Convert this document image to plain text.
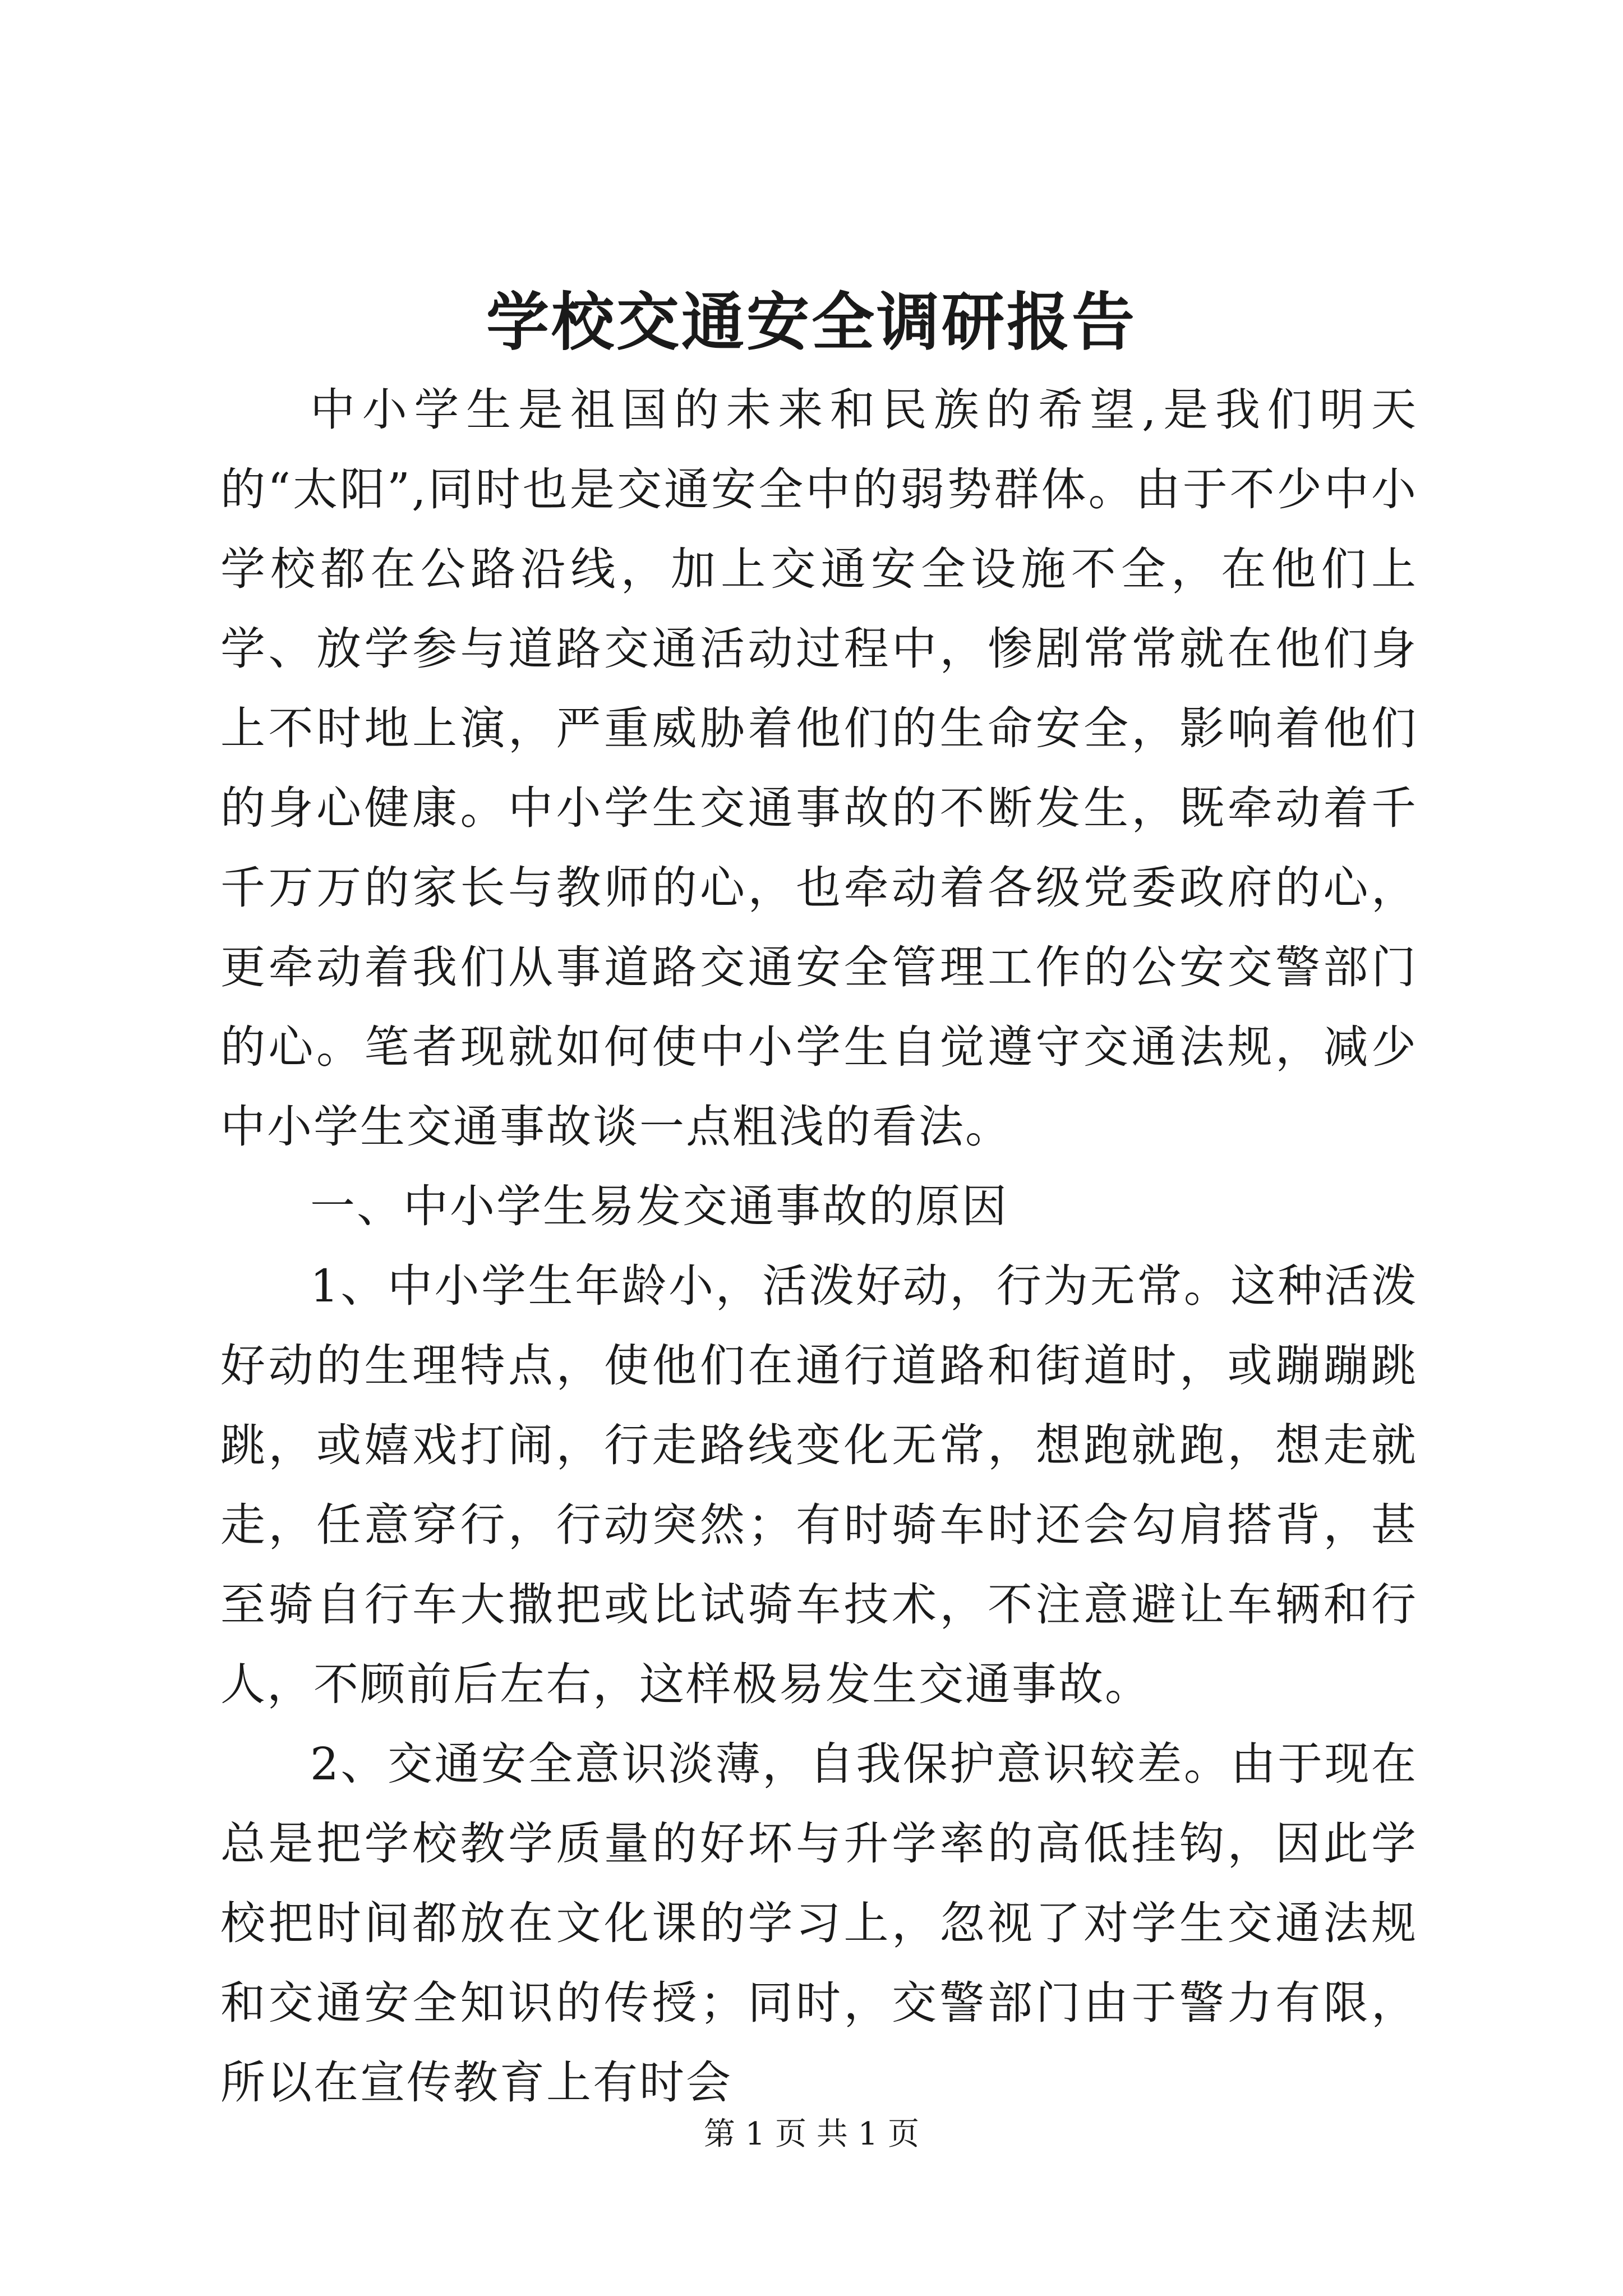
学校交通安全调研报告

中小学生是祖国的未来和民族的希望,是我们明天的“太阳”,同时也是交通安全中的弱势群体。由于不少中小学校都在公路沿线，加上交通安全设施不全，在他们上学、放学参与道路交通活动过程中，惨剧常常就在他们身上不时地上演，严重威胁着他们的生命安全，影响着他们的身心健康。中小学生交通事故的不断发生，既牵动着千千万万的家长与教师的心，也牵动着各级党委政府的心，更牵动着我们从事道路交通安全管理工作的公安交警部门的心。笔者现就如何使中小学生自觉遵守交通法规，减少中小学生交通事故谈一点粗浅的看法。

一、中小学生易发交通事故的原因

1、中小学生年龄小，活泼好动，行为无常。这种活泼好动的生理特点，使他们在通行道路和街道时，或蹦蹦跳跳，或嬉戏打闹，行走路线变化无常，想跑就跑，想走就走，任意穿行，行动突然；有时骑车时还会勾肩搭背，甚至骑自行车大撒把或比试骑车技术，不注意避让车辆和行人，不顾前后左右，这样极易发生交通事故。

2、交通安全意识淡薄，自我保护意识较差。由于现在总是把学校教学质量的好坏与升学率的高低挂钩，因此学校把时间都放在文化课的学习上，忽视了对学生交通法规和交通安全知识的传授；同时，交警部门由于警力有限，所以在宣传教育上有时会

第 1 页 共 1 页
